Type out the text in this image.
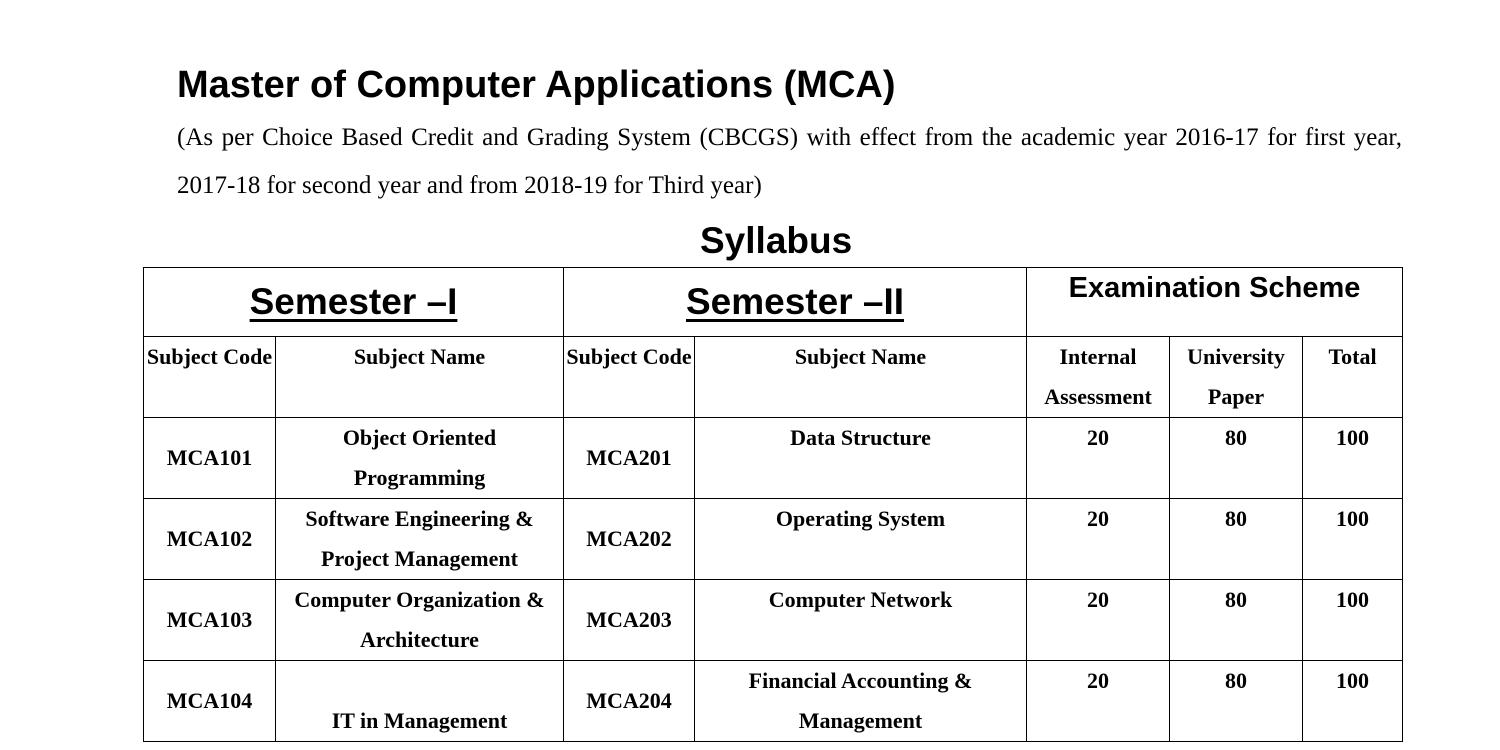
Master of Computer Applications (MCA)

(As per Choice Based Credit and Grading System (CBCGS) with effect from the academic year 2016-17 for first year, 2017-18 for second year and from 2018-19 for Third year)

Syllabus
Semester –I		Semester –II		Examination Scheme		
Subject Code	Subject Name	Subject Code	Subject Name	Internal Assessment	University Paper	Total
MCA101	Object Oriented Programming	MCA201	Data Structure	20	80	100
MCA102	Software Engineering & Project Management	MCA202	Operating System	20	80	100
MCA103	Computer Organization & Architecture	MCA203	Computer Network	20	80	100
MCA104	IT in Management	MCA204	Financial Accounting & Management	20	80	100
